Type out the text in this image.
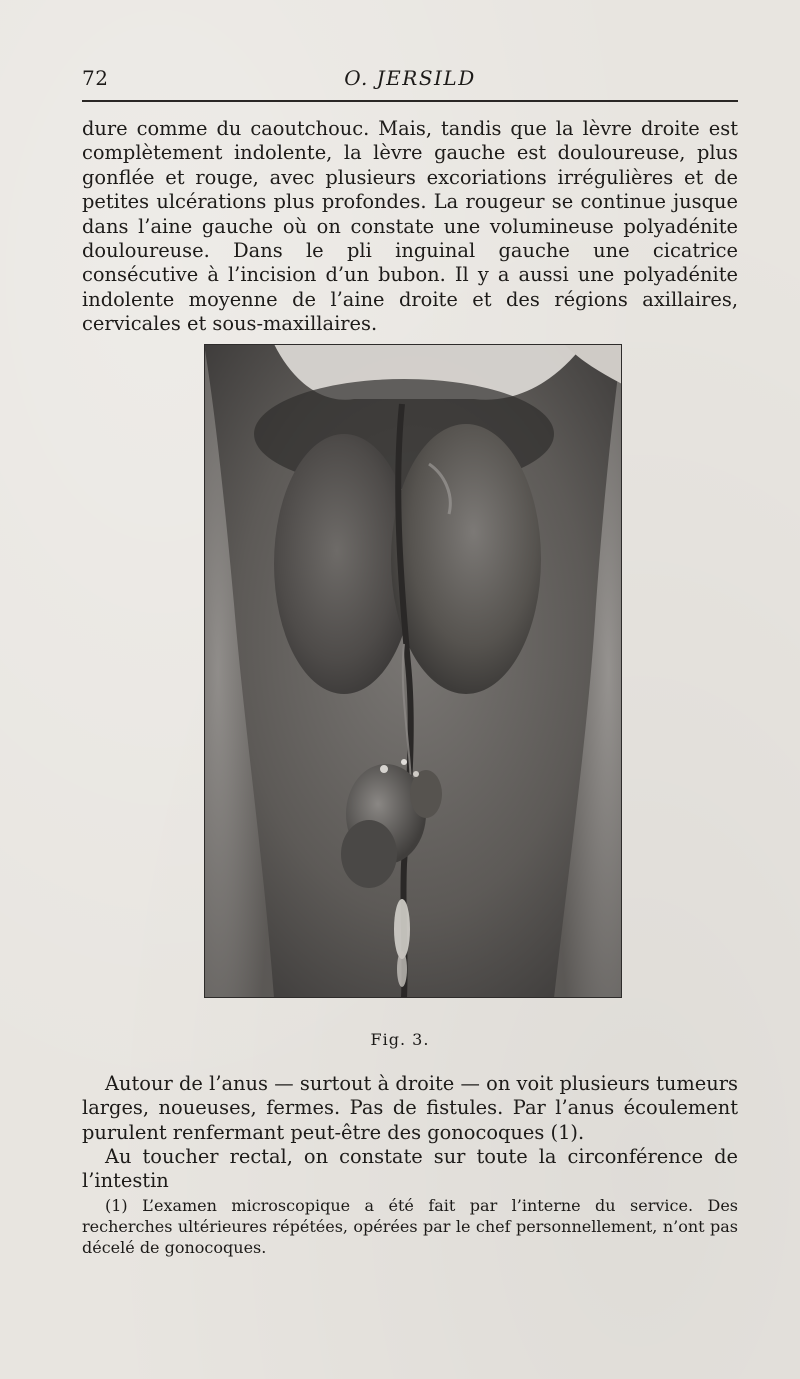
72	O. JERSILD

dure comme du caoutchouc. Mais, tandis que la lèvre droite est complètement indolente, la lèvre gauche est douloureuse, plus gonflée et rouge, avec plusieurs excoriations irrégulières et de petites ulcérations plus profondes. La rougeur se continue jusque dans l’aine gauche où on constate une volumineuse polyadénite douloureuse. Dans le pli inguinal gauche une cicatrice consécutive à l’incision d’un bubon. Il y a aussi une polyadénite indolente moyenne de l’aine droite et des régions axillaires, cervicales et sous-maxillaires.

Fig. 3.

Autour de l’anus — surtout à droite — on voit plusieurs tumeurs larges, noueuses, fermes. Pas de fistules. Par l’anus écoulement purulent renfermant peut-être des gonocoques (1).

Au toucher rectal, on constate sur toute la circonférence de l’intestin

(1) L’examen microscopique a été fait par l’interne du service. Des recherches ultérieures répétées, opérées par le chef personnellement, n’ont pas décelé de gonocoques.
